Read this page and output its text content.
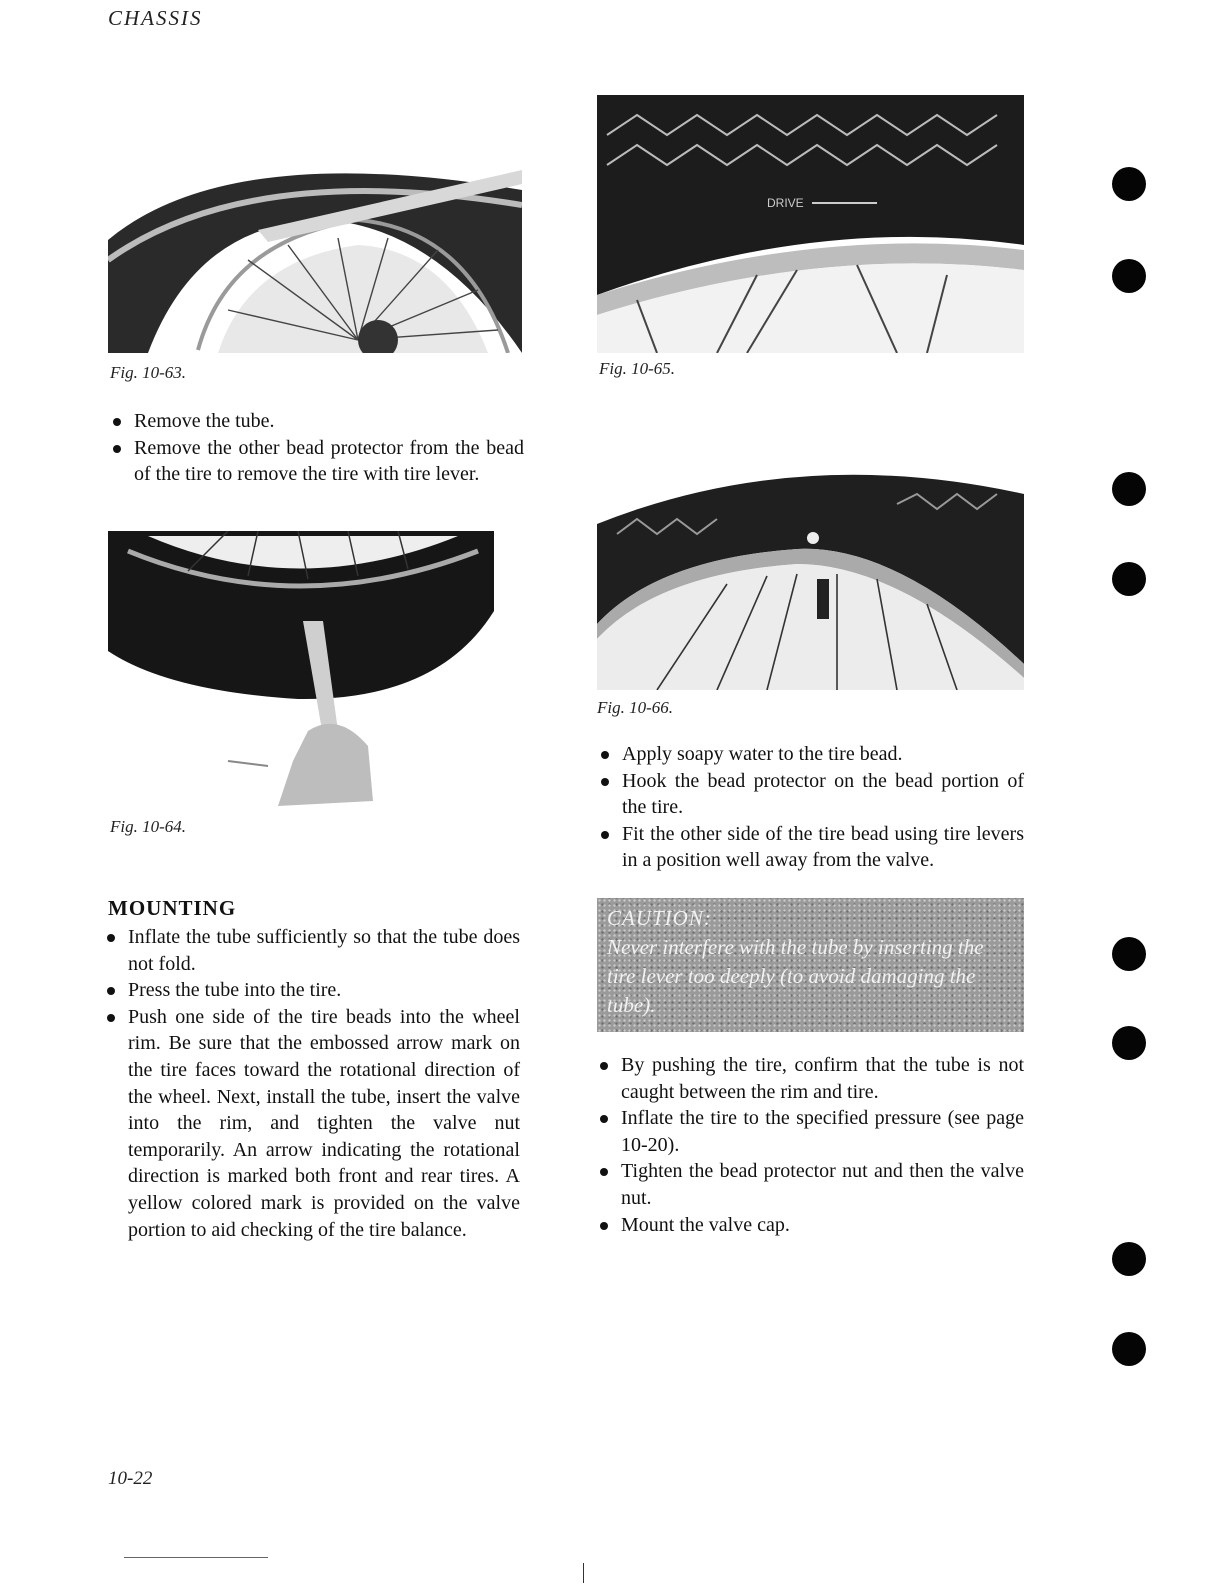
CHASSIS
Fig. 10-63.
DRIVE
Fig. 10-65.
Remove the tube.
Remove the other bead protector from the bead of the tire to remove the tire with tire lever.
Fig. 10-64.
Fig. 10-66.
Apply soapy water to the tire bead.
Hook the bead protector on the bead portion of the tire.
Fit the other side of the tire bead using tire levers in a position well away from the valve.
MOUNTING
Inflate the tube sufficiently so that the tube does not fold.
Press the tube into the tire.
Push one side of the tire beads into the wheel rim. Be sure that the embossed arrow mark on the tire faces toward the rotational direction of the wheel. Next, install the tube, insert the valve into the rim, and tighten the valve nut temporarily. An arrow indicating the rotational direction is marked both front and rear tires. A yellow colored mark is provided on the valve portion to aid checking of the tire balance.
CAUTION:
Never interfere with the tube by inserting the tire lever too deeply (to avoid damaging the tube).
By pushing the tire, confirm that the tube is not caught between the rim and tire.
Inflate the tire to the specified pressure (see page 10-20).
Tighten the bead protector nut and then the valve nut.
Mount the valve cap.
10-22
